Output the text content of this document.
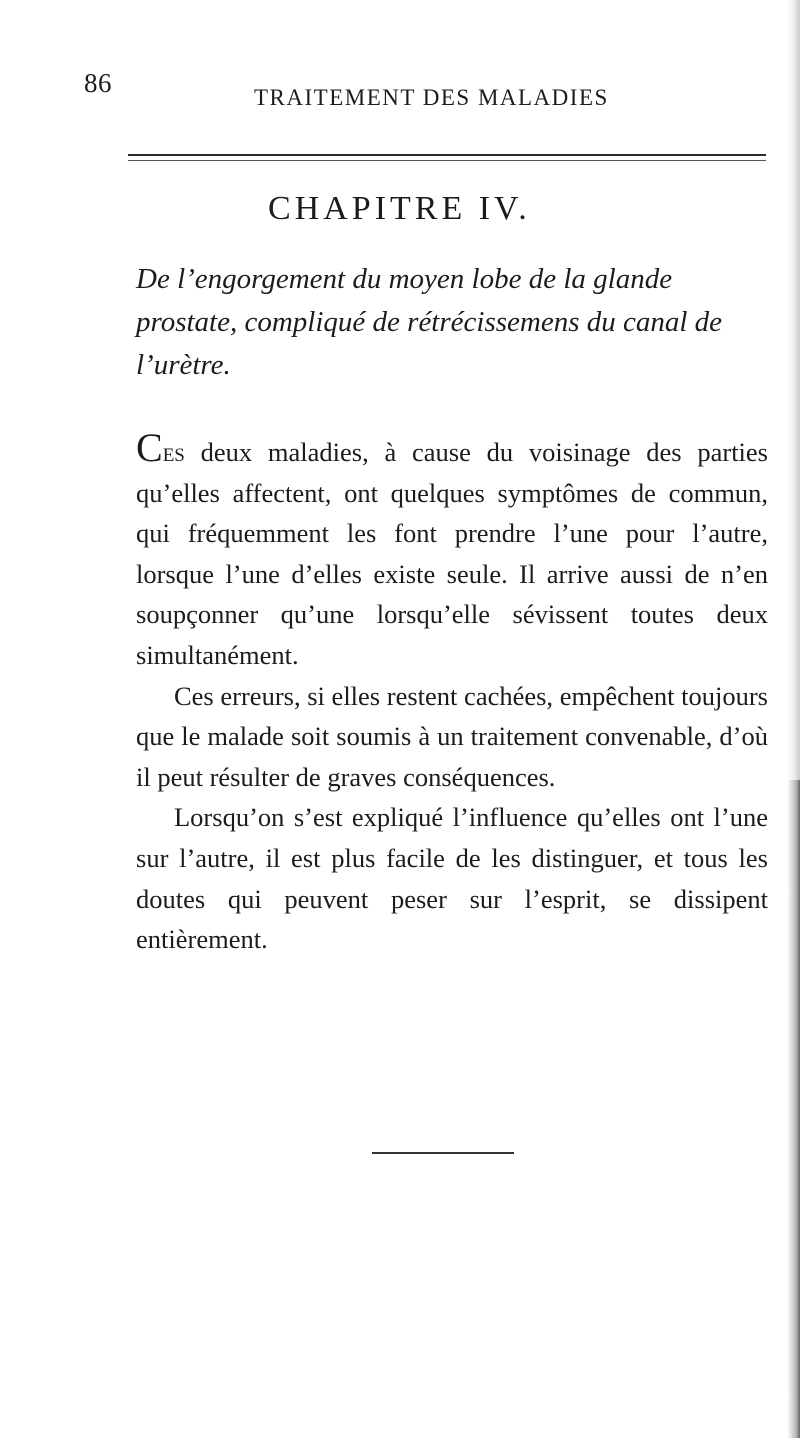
86	TRAITEMENT DES MALADIES
CHAPITRE IV.

De l’engorgement du moyen lobe de la glande prostate, compliqué de rétrécissemens du canal de l’urètre.

Ces deux maladies, à cause du voisinage des parties qu’elles affectent, ont quelques symptômes de commun, qui fréquemment les font prendre l’une pour l’autre, lorsque l’une d’elles existe seule. Il arrive aussi de n’en soupçonner qu’une lorsqu’elle sévissent toutes deux simultanément.

Ces erreurs, si elles restent cachées, empêchent toujours que le malade soit soumis à un traitement convenable, d’où il peut résulter de graves conséquences.

Lorsqu’on s’est expliqué l’influence qu’elles ont l’une sur l’autre, il est plus facile de les distinguer, et tous les doutes qui peuvent peser sur l’esprit, se dissipent entièrement.
